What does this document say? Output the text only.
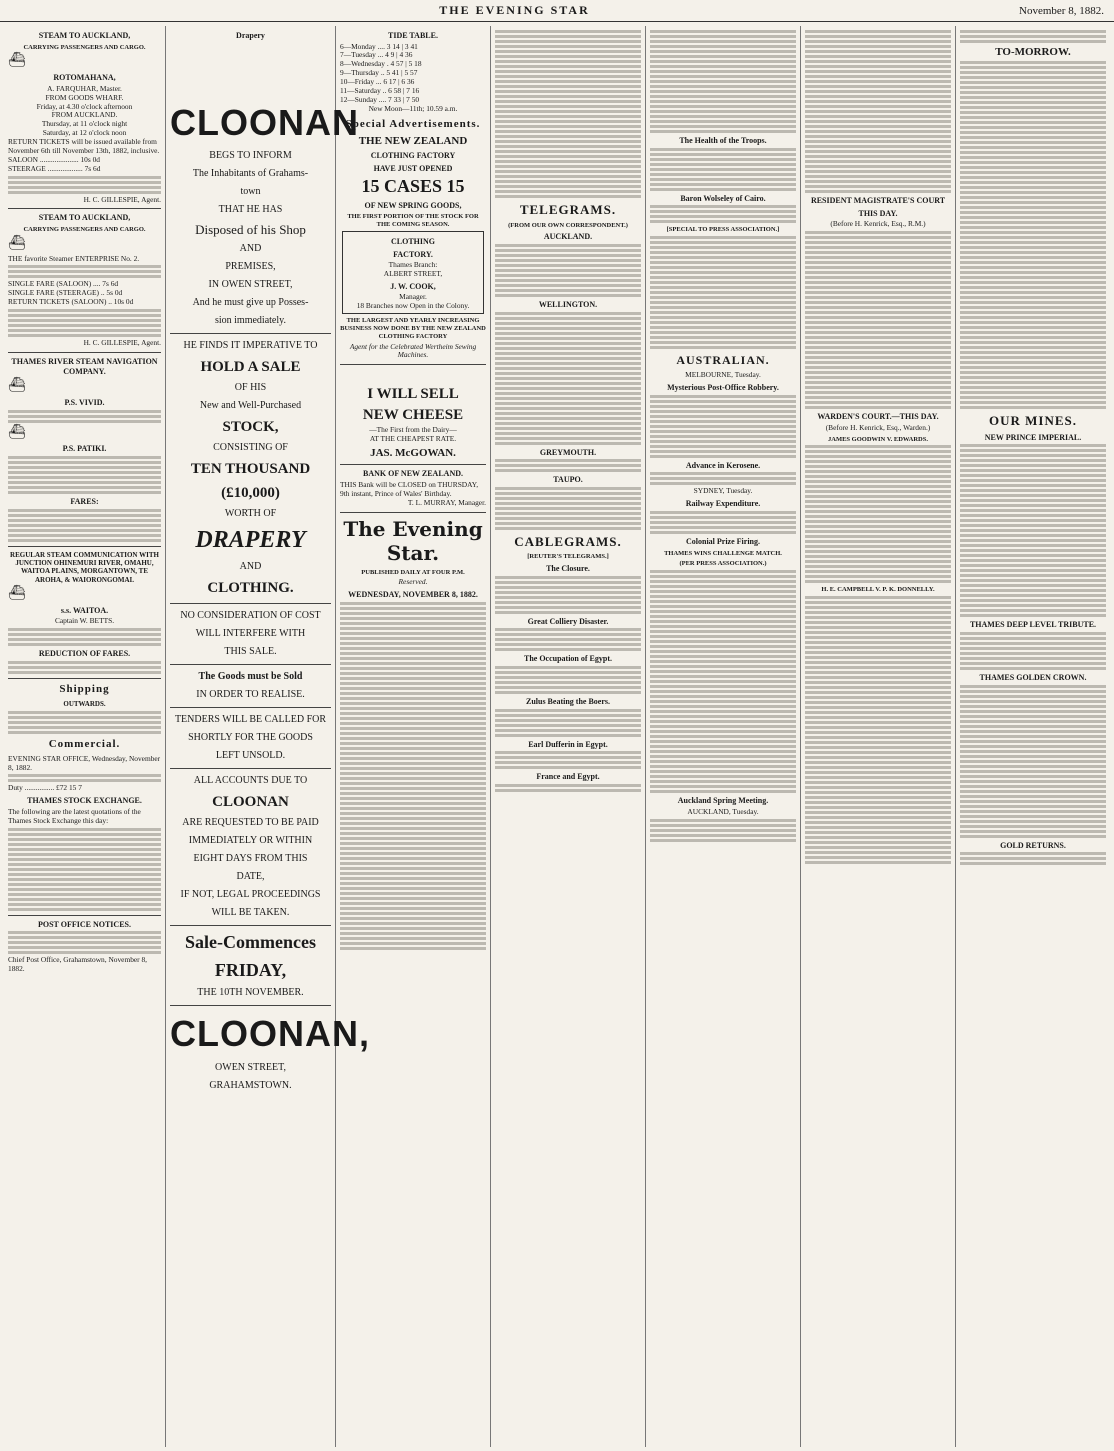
THE EVENING STAR	November 8, 1882.
STEAM TO AUCKLAND,
CARRYING PASSENGERS AND CARGO.
⛴
ROTOMAHANA,
A. FARQUHAR, Master.
FROM GOODS WHARF.
Friday, at 4.30 o'clock afternoon
FROM AUCKLAND.
Thursday, at 11 o'clock night
Saturday, at 12 o'clock noon
RETURN TICKETS will be issued available from November 6th till November 13th, 1882, inclusive.
SALOON ..................... 10s 0d
STEERAGE ................... 7s 6d
H. C. GILLESPIE, Agent.
STEAM TO AUCKLAND,
CARRYING PASSENGERS AND CARGO.
⛴
THE favorite Steamer ENTERPRISE No. 2.
SINGLE FARE (SALOON) .... 7s 6d
SINGLE FARE (STEERAGE) .. 5s 0d
RETURN TICKETS (SALOON) .. 10s 0d
H. C. GILLESPIE, Agent.
THAMES RIVER STEAM NAVIGATION COMPANY.
⛴
P.S. VIVID.
⛴
P.S. PATIKI.
FARES:
REGULAR STEAM COMMUNICATION WITH JUNCTION OHINEMURI RIVER, OMAHU, WAITOA PLAINS, MORGANTOWN, TE AROHA, & WAIORONGOMAI.
⛴
s.s. WAITOA.
Captain W. BETTS.
REDUCTION OF FARES.
Shipping
OUTWARDS.
Commercial.
EVENING STAR OFFICE, Wednesday, November 8, 1882.
Duty ................ £72 15 7
THAMES STOCK EXCHANGE.
The following are the latest quotations of the Thames Stock Exchange this day:
POST OFFICE NOTICES.
Chief Post Office, Grahamstown, November 8, 1882.
Drapery
CLOONAN
BEGS TO INFORM
The Inhabitants of Grahams-
town
THAT HE HAS
Disposed of his Shop
AND
PREMISES,
IN OWEN STREET,
And he must give up Posses-
sion immediately.
HE FINDS IT IMPERATIVE TO
HOLD A SALE
OF HIS
New and Well-Purchased
STOCK,
CONSISTING OF
TEN THOUSAND
(£10,000)
WORTH OF
DRAPERY
AND
CLOTHING.
NO CONSIDERATION OF COST
WILL INTERFERE WITH
THIS SALE.
The Goods must be Sold
IN ORDER TO REALISE.
TENDERS WILL BE CALLED FOR
SHORTLY FOR THE GOODS
LEFT UNSOLD.
ALL ACCOUNTS DUE TO
CLOONAN
ARE REQUESTED TO BE PAID
IMMEDIATELY OR WITHIN
EIGHT DAYS FROM THIS
DATE,
IF NOT, LEGAL PROCEEDINGS
WILL BE TAKEN.
Sale-Commences
FRIDAY,
THE 10TH NOVEMBER.
CLOONAN,
OWEN STREET,
GRAHAMSTOWN.
TIDE TABLE.
6—Monday .... 3 14 | 3 41
7—Tuesday ... 4 9 | 4 36
8—Wednesday . 4 57 | 5 18
9—Thursday .. 5 41 | 5 57
10—Friday ... 6 17 | 6 36
11—Saturday .. 6 58 | 7 16
12—Sunday .... 7 33 | 7 50
New Moon—11th; 10.59 a.m.
Special Advertisements.
THE NEW ZEALAND
CLOTHING FACTORY
HAVE JUST OPENED
15 CASES 15
OF NEW SPRING GOODS,
THE FIRST PORTION OF THE STOCK FOR THE COMING SEASON.
CLOTHING
FACTORY.
Thames Branch:
ALBERT STREET,
J. W. COOK,
Manager.
18 Branches now Open in the Colony.
THE LARGEST AND YEARLY INCREASING BUSINESS NOW DONE BY THE NEW ZEALAND CLOTHING FACTORY
Agent for the Celebrated Wertheim Sewing Machines.
I WILL SELL
NEW CHEESE
—The First from the Dairy—
AT THE CHEAPEST RATE.
JAS. McGOWAN.
BANK OF NEW ZEALAND.
THIS Bank will be CLOSED on THURSDAY, 9th instant, Prince of Wales' Birthday.
T. L. MURRAY, Manager.
The Evening Star.
PUBLISHED DAILY AT FOUR P.M.
Reserved.
WEDNESDAY, NOVEMBER 8, 1882.
TELEGRAMS.
(FROM OUR OWN CORRESPONDENT.)
AUCKLAND.
WELLINGTON.
GREYMOUTH.
TAUPO.
CABLEGRAMS.
[REUTER'S TELEGRAMS.]
The Closure.
Great Colliery Disaster.
The Occupation of Egypt.
Zulus Beating the Boers.
Earl Dufferin in Egypt.
France and Egypt.
The Health of the Troops.
Baron Wolseley of Cairo.
[SPECIAL TO PRESS ASSOCIATION.]
AUSTRALIAN.
MELBOURNE, Tuesday.
Mysterious Post-Office Robbery.
Advance in Kerosene.
SYDNEY, Tuesday.
Railway Expenditure.
Colonial Prize Firing.
THAMES WINS CHALLENGE MATCH.
(PER PRESS ASSOCIATION.)
Auckland Spring Meeting.
AUCKLAND, Tuesday.
RESIDENT MAGISTRATE'S COURT
THIS DAY.
(Before H. Kenrick, Esq., R.M.)
WARDEN'S COURT.—THIS DAY.
(Before H. Kenrick, Esq., Warden.)
JAMES GOODWIN V. EDWARDS.
H. E. CAMPBELL V. P. K. DONNELLY.
TO-MORROW.
OUR MINES.
NEW PRINCE IMPERIAL.
THAMES DEEP LEVEL TRIBUTE.
THAMES GOLDEN CROWN.
GOLD RETURNS.
